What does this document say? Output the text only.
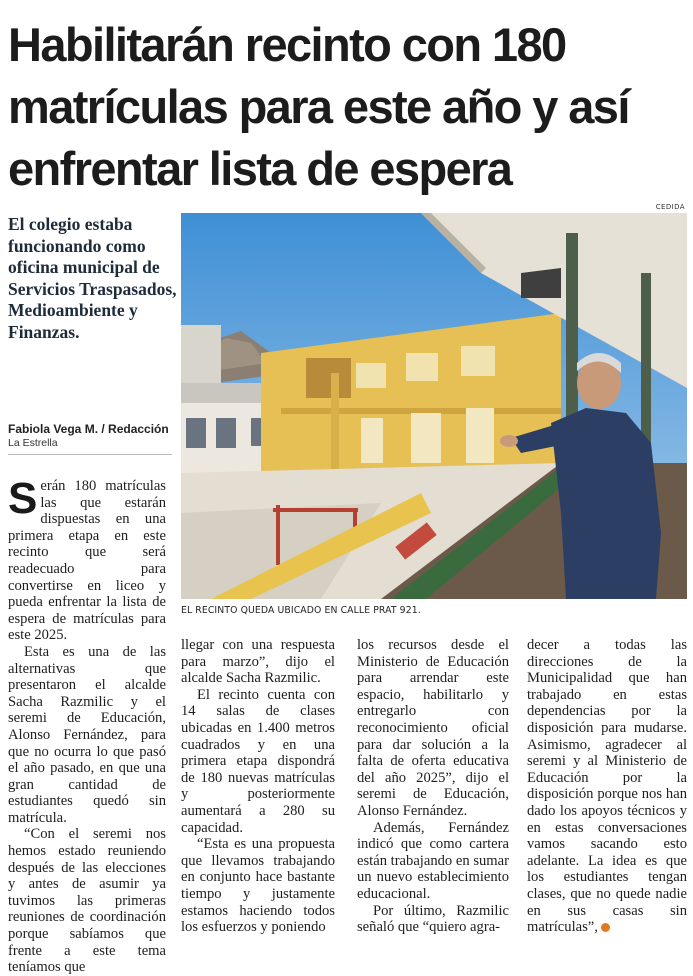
Habilitarán recinto con 180 matrículas para este año y así enfrentar lista de espera
CEDIDA

El colegio estaba funcionando como oficina municipal de Servicios Traspasados, Medioambiente y Finanzas.

Fabiola Vega M. / Redacción
La Estrella
EL RECINTO QUEDA UBICADO EN CALLE PRAT 921.

Serán 180 matrículas las que estarán dispuestas en una primera etapa en este recinto que será readecuado para convertirse en liceo y pueda enfrentar la lista de espera de matrículas para este 2025.

Esta es una de las alternativas que presentaron el alcalde Sacha Razmilic y el seremi de Educación, Alonso Fernández, para que no ocurra lo que pasó el año pasado, en que una gran cantidad de estudiantes quedó sin matrícula.

“Con el seremi nos hemos estado reuniendo después de las elecciones y antes de asumir ya tuvimos las primeras reuniones de coordinación porque sabíamos que frente a este tema teníamos que

llegar con una respuesta para marzo”, dijo el alcalde Sacha Razmilic.

El recinto cuenta con 14 salas de clases ubicadas en 1.400 metros cuadrados y en una primera etapa dispondrá de 180 nuevas matrículas y posteriormente aumentará a 280 su capacidad.

“Esta es una propuesta que llevamos trabajando en conjunto hace bastante tiempo y justamente estamos haciendo todos los esfuerzos y poniendo

los recursos desde el Ministerio de Educación para arrendar este espacio, habilitarlo y entregarlo con reconocimiento oficial para dar solución a la falta de oferta educativa del año 2025”, dijo el seremi de Educación, Alonso Fernández.

Además, Fernández indicó que como cartera están trabajando en sumar un nuevo establecimiento educacional.

Por último, Razmilic señaló que “quiero agra-

decer a todas las direcciones de la Municipalidad que han trabajado en estas dependencias por la disposición para mudarse. Asimismo, agradecer al seremi y al Ministerio de Educación por la disposición porque nos han dado los apoyos técnicos y en estas conversaciones vamos sacando esto adelante. La idea es que los estudiantes tengan clases, que no quede nadie en sus casas sin matrículas”,
